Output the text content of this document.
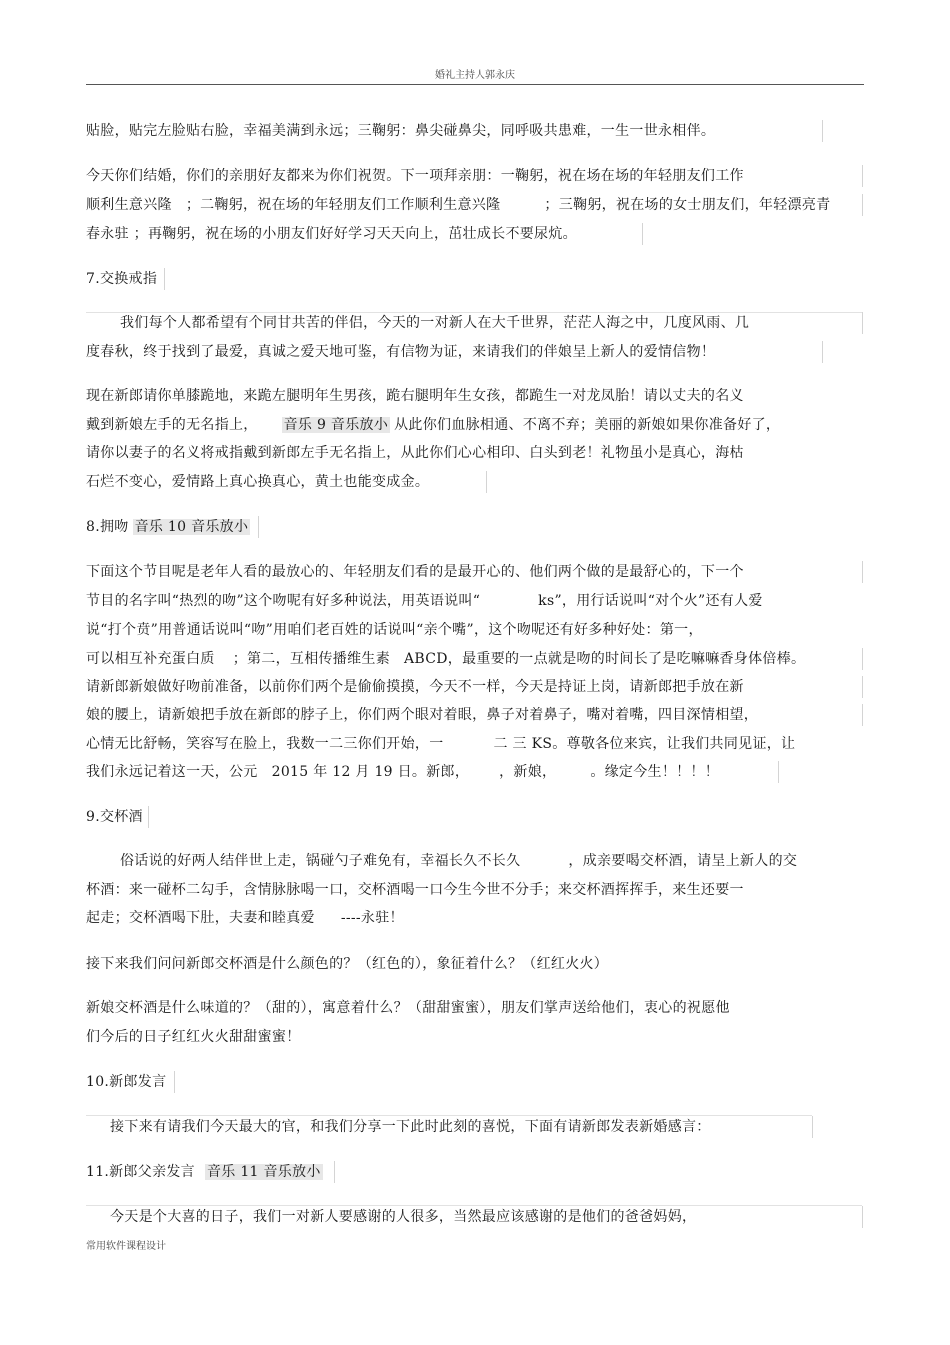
婚礼主持人郭永庆
贴脸，贴完左脸贴右脸，幸福美满到永远；三鞠躬：鼻尖碰鼻尖，同呼吸共患难，一生一世永相伴。
今天你们结婚，你们的亲朋好友都来为你们祝贺。下一项拜亲朋：一鞠躬，祝在场在场的年轻朋友们工作
顺利生意兴隆 ；二鞠躬，祝在场的年轻朋友们工作顺利生意兴隆	；三鞠躬，祝在场的女士朋友们，年轻漂亮青
春永驻 ；再鞠躬，祝在场的小朋友们好好学习天天向上，茁壮成长不要尿炕。
7.交换戒指
我们每个人都希望有个同甘共苦的伴侣，今天的一对新人在大千世界，茫茫人海之中，几度风雨、几
度春秋，终于找到了最爱，真诚之爱天地可鉴，有信物为证，来请我们的伴娘呈上新人的爱情信物！
现在新郎请你单膝跪地，来跪左腿明年生男孩，跪右腿明年生女孩，都跪生一对龙凤胎！请以丈夫的名义
戴到新娘左手的无名指上， 音乐 9 音乐放小 从此你们血脉相通、不离不弃；美丽的新娘如果你准备好了，
请你以妻子的名义将戒指戴到新郎左手无名指上，从此你们心心相印、白头到老！礼物虽小是真心，海枯
石烂不变心，爱情路上真心换真心，黄土也能变成金。
8.拥吻 音乐 10 音乐放小
下面这个节目呢是老年人看的最放心的、年轻朋友们看的是最开心的、他们两个做的是最舒心的，下一个
节目的名字叫“热烈的吻”这个吻呢有好多种说法，用英语说叫“	ks”，用行话说叫“对个火”还有人爱
说“打个贲”用普通话说叫“吻”用咱们老百姓的话说叫“亲个嘴”，这个吻呢还有好多种好处：第一，
可以相互补充蛋白质 ；第二，互相传播维生素 ABCD，最重要的一点就是吻的时间长了是吃嘛嘛香身体倍棒。
请新郎新娘做好吻前准备，以前你们两个是偷偷摸摸，今天不一样，今天是持证上岗，请新郎把手放在新
娘的腰上，请新娘把手放在新郎的脖子上，你们两个眼对着眼，鼻子对着鼻子，嘴对着嘴，四目深情相望，
心情无比舒畅，笑容写在脸上，我数一二三你们开始，一	二 三 KS。尊敬各位来宾，让我们共同见证，让
我们永远记着这一天，公元 2015 年 12 月 19 日。新郎， ，新娘， 。缘定今生！！！！
9.交杯酒
俗话说的好两人结伴世上走，锅碰勺子难免有，幸福长久不长久	，成亲要喝交杯酒，请呈上新人的交
杯酒：来一碰杯二勾手，含情脉脉喝一口，交杯酒喝一口今生今世不分手；来交杯酒挥挥手，来生还要一
起走；交杯酒喝下肚，夫妻和睦真爱 ----永驻！
接下来我们问问新郎交杯酒是什么颜色的？（红色的），象征着什么？（红红火火）
新娘交杯酒是什么味道的？（甜的），寓意着什么？（甜甜蜜蜜），朋友们掌声送给他们，衷心的祝愿他
们今后的日子红红火火甜甜蜜蜜！
10.新郎发言
接下来有请我们今天最大的官，和我们分享一下此时此刻的喜悦，下面有请新郎发表新婚感言：
11.新郎父亲发言 音乐 11 音乐放小
今天是个大喜的日子，我们一对新人要感谢的人很多，当然最应该感谢的是他们的爸爸妈妈，
常用软件课程设计
